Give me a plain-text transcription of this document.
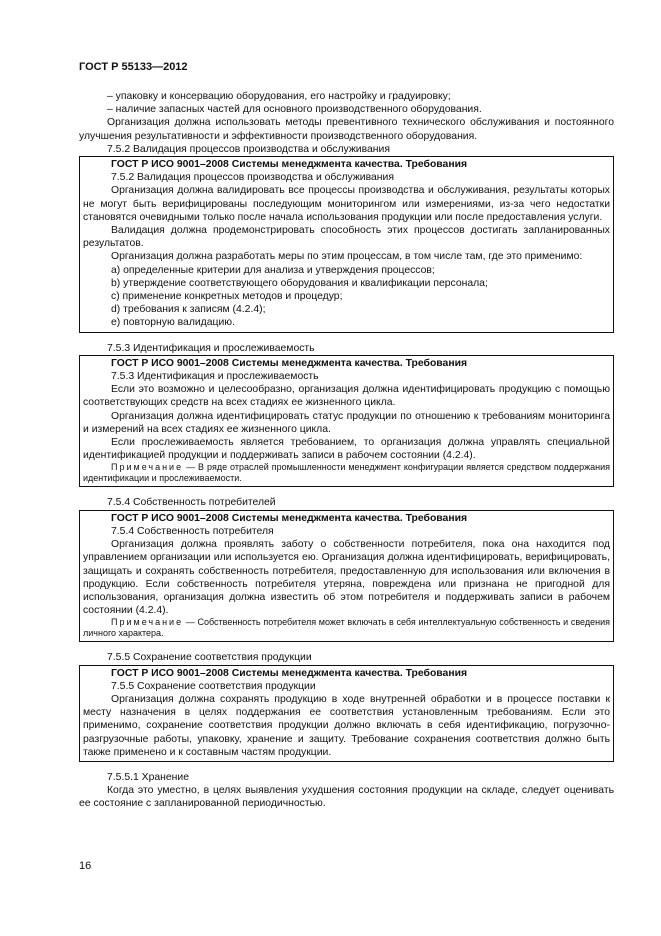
ГОСТ Р 55133—2012

– упаковку и консервацию оборудования, его настройку и градуировку;

– наличие запасных частей для основного производственного оборудования.

Организация должна использовать методы превентивного технического обслуживания и постоянного улучшения результативности и эффективности производственного оборудования.

7.5.2 Валидация процессов производства и обслуживания

ГОСТ Р ИСО 9001–2008 Системы менеджмента качества. Требования

7.5.2 Валидация процессов производства и обслуживания

Организация должна валидировать все процессы производства и обслуживания, результаты которых не могут быть верифицированы последующим мониторингом или измерениями, из-за чего недостатки становятся очевидными только после начала использования продукции или после предоставления услуги.

Валидация должна продемонстрировать способность этих процессов достигать запланированных результатов.

Организация должна разработать меры по этим процессам, в том числе там, где это применимо:

a) определенные критерии для анализа и утверждения процессов;

b) утверждение соответствующего оборудования и квалификации персонала;

c) применение конкретных методов и процедур;

d) требования к записям (4.2.4);

e) повторную валидацию.

7.5.3 Идентификация и прослеживаемость

ГОСТ Р ИСО 9001–2008 Системы менеджмента качества. Требования

7.5.3 Идентификация и прослеживаемость

Если это возможно и целесообразно, организация должна идентифицировать продукцию с помощью соответствующих средств на всех стадиях ее жизненного цикла.

Организация должна идентифицировать статус продукции по отношению к требованиям мониторинга и измерений на всех стадиях ее жизненного цикла.

Если прослеживаемость является требованием, то организация должна управлять специальной идентификацией продукции и поддерживать записи в рабочем состоянии (4.2.4).

Примечание — В ряде отраслей промышленности менеджмент конфигурации является средством поддержания идентификации и прослеживаемости.

7.5.4 Собственность потребителей

ГОСТ Р ИСО 9001–2008 Системы менеджмента качества. Требования

7.5.4 Собственность потребителя

Организация должна проявлять заботу о собственности потребителя, пока она находится под управлением организации или используется ею. Организация должна идентифицировать, верифицировать, защищать и сохранять собственность потребителя, предоставленную для использования или включения в продукцию. Если собственность потребителя утеряна, повреждена или признана не пригодной для использования, организация должна известить об этом потребителя и поддерживать записи в рабочем состоянии (4.2.4).

Примечание — Собственность потребителя может включать в себя интеллектуальную собственность и сведения личного характера.

7.5.5 Сохранение соответствия продукции

ГОСТ Р ИСО 9001–2008 Системы менеджмента качества. Требования

7.5.5 Сохранение соответствия продукции

Организация должна сохранять продукцию в ходе внутренней обработки и в процессе поставки к месту назначения в целях поддержания ее соответствия установленным требованиям. Если это применимо, сохранение соответствия продукции должно включать в себя идентификацию, погрузочно-разгрузочные работы, упаковку, хранение и защиту. Требование сохранения соответствия должно быть также применено и к составным частям продукции.

7.5.5.1 Хранение

Когда это уместно, в целях выявления ухудшения состояния продукции на складе, следует оценивать ее состояние с запланированной периодичностью.

16
